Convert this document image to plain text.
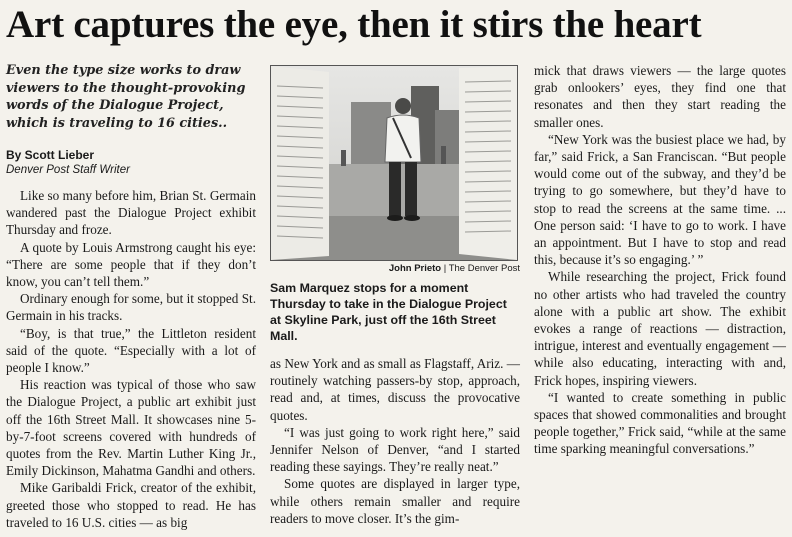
Art captures the eye, then it stirs the heart
Even the type size works to draw viewers to the thought-provoking words of the Dialogue Project, which is traveling to 16 cities..
By Scott Lieber
Denver Post Staff Writer

Like so many before him, Brian St. Germain wandered past the Dialogue Project exhibit Thursday and froze.

A quote by Louis Armstrong caught his eye: “There are some people that if they don’t know, you can’t tell them.”

Ordinary enough for some, but it stopped St. Germain in his tracks.

“Boy, is that true,” the Littleton resident said of the quote. “Especially with a lot of people I know.”

His reaction was typical of those who saw the Dialogue Project, a public art exhibit just off the 16th Street Mall. It showcases nine 5-by-7-foot screens covered with hundreds of quotes from the Rev. Martin Luther King Jr., Emily Dickinson, Mahatma Gandhi and others.

Mike Garibaldi Frick, creator of the exhibit, greeted those who stopped to read. He has traveled to 16 U.S. cities — as big

John Prieto | The Denver Post
Sam Marquez stops for a moment Thursday to take in the Dialogue Project at Skyline Park, just off the 16th Street Mall.

as New York and as small as Flagstaff, Ariz. — routinely watching passers-by stop, approach, read and, at times, discuss the provocative quotes.

“I was just going to work right here,” said Jennifer Nelson of Denver, “and I started reading these sayings. They’re really neat.”

Some quotes are displayed in larger type, while others remain smaller and require readers to move closer. It’s the gim-

mick that draws viewers — the large quotes grab onlookers’ eyes, they find one that resonates and then they start reading the smaller ones.

“New York was the busiest place we had, by far,” said Frick, a San Franciscan. “But people would come out of the subway, and they’d be trying to go somewhere, but they’d have to stop to read the screens at the same time. ... One person said: ‘I have to go to work. I have an appointment. But I have to stop and read this, because it’s so engaging.’ ”

While researching the project, Frick found no other artists who had traveled the country alone with a public art show. The exhibit evokes a range of reactions — distraction, intrigue, interest and eventually engagement — while also educating, interacting with and, Frick hopes, inspiring viewers.

“I wanted to create something in public spaces that showed commonalities and brought people together,” Frick said, “while at the same time sparking meaningful conversations.”
